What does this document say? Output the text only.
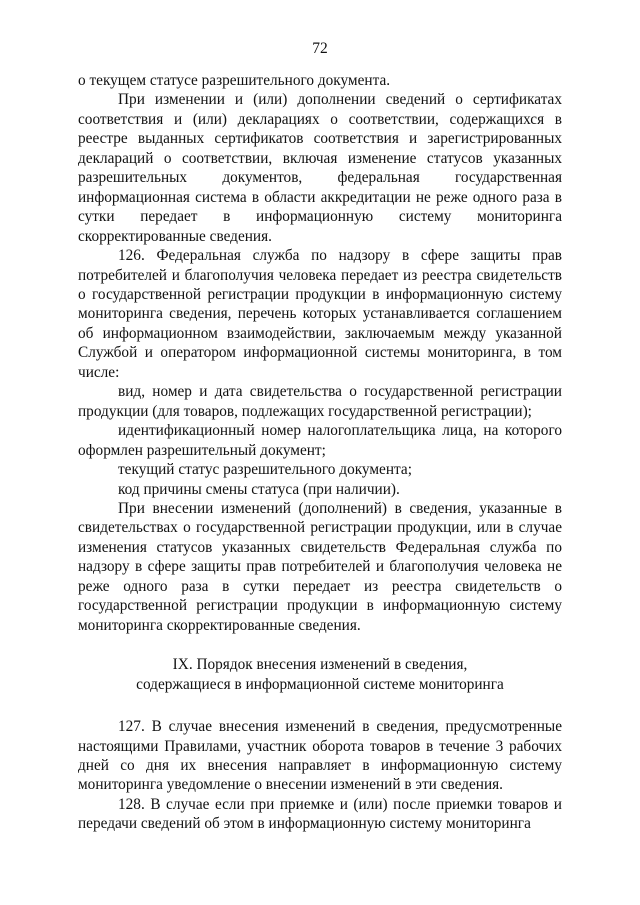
72

о текущем статусе разрешительного документа.

При изменении и (или) дополнении сведений о сертификатах соответствия и (или) декларациях о соответствии, содержащихся в реестре выданных сертификатов соответствия и зарегистрированных деклараций о соответствии, включая изменение статусов указанных разрешительных документов, федеральная государственная информационная система в области аккредитации не реже одного раза в сутки передает в информационную систему мониторинга скорректированные сведения.

126. Федеральная служба по надзору в сфере защиты прав потребителей и благополучия человека передает из реестра свидетельств о государственной регистрации продукции в информационную систему мониторинга сведения, перечень которых устанавливается соглашением об информационном взаимодействии, заключаемым между указанной Службой и оператором информационной системы мониторинга, в том числе:

вид, номер и дата свидетельства о государственной регистрации продукции (для товаров, подлежащих государственной регистрации);

идентификационный номер налогоплательщика лица, на которого оформлен разрешительный документ;

текущий статус разрешительного документа;

код причины смены статуса (при наличии).

При внесении изменений (дополнений) в сведения, указанные в свидетельствах о государственной регистрации продукции, или в случае изменения статусов указанных свидетельств Федеральная служба по надзору в сфере защиты прав потребителей и благополучия человека не реже одного раза в сутки передает из реестра свидетельств о государственной регистрации продукции в информационную систему мониторинга скорректированные сведения.

IX. Порядок внесения изменений в сведения,
содержащиеся в информационной системе мониторинга

127. В случае внесения изменений в сведения, предусмотренные настоящими Правилами, участник оборота товаров в течение 3 рабочих дней со дня их внесения направляет в информационную систему мониторинга уведомление о внесении изменений в эти сведения.

128. В случае если при приемке и (или) после приемки товаров и передачи сведений об этом в информационную систему мониторинга
